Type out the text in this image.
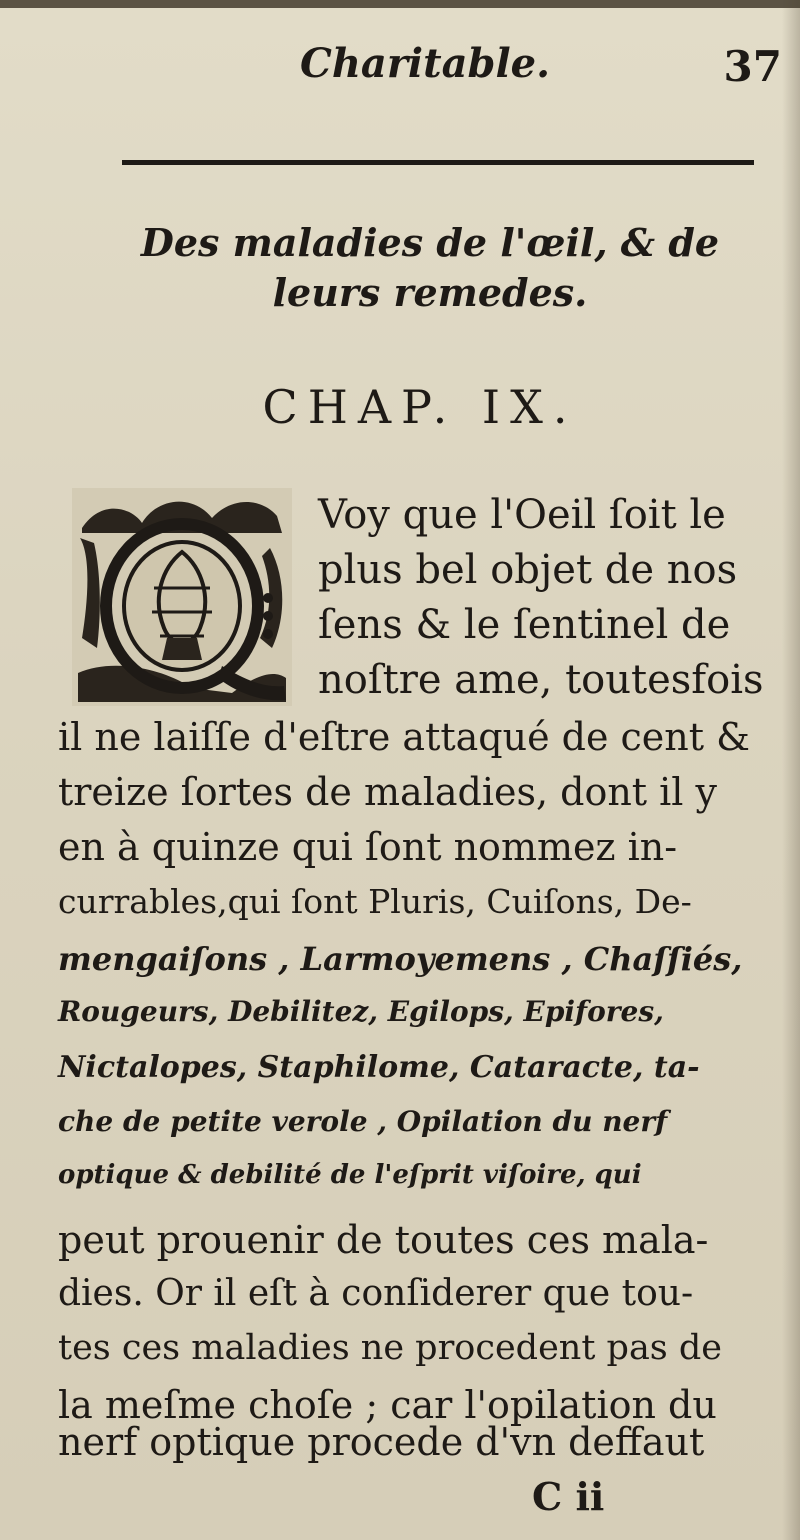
Charitable.	37
Des maladies de l'œil, & de
leurs remedes.
CHAP. IX.
Voy que l'Oeil ſoit le
plus bel objet de nos
ſens & le ſentinel de
noſtre ame, toutesfois
il ne laiſſe d'eſtre attaqué de cent &
treize ſortes de maladies, dont il y
en à quinze qui ſont nommez in-
currables,qui ſont Pluris, Cuiſons, De-
mengaiſons , Larmoyemens , Chaſſiés,
Rougeurs, Debilitez, Egilops, Epifores,
Nictalopes, Staphilome, Cataracte, ta-
che de petite verole , Opilation du nerf
optique & debilité de l'eſprit viſoire, qui
peut prouenir de toutes ces mala-
dies. Or il eſt à conſiderer que tou-
tes ces maladies ne procedent pas de
la meſme choſe ; car l'opilation du
nerf optique procede d'vn deffaut
C ii
